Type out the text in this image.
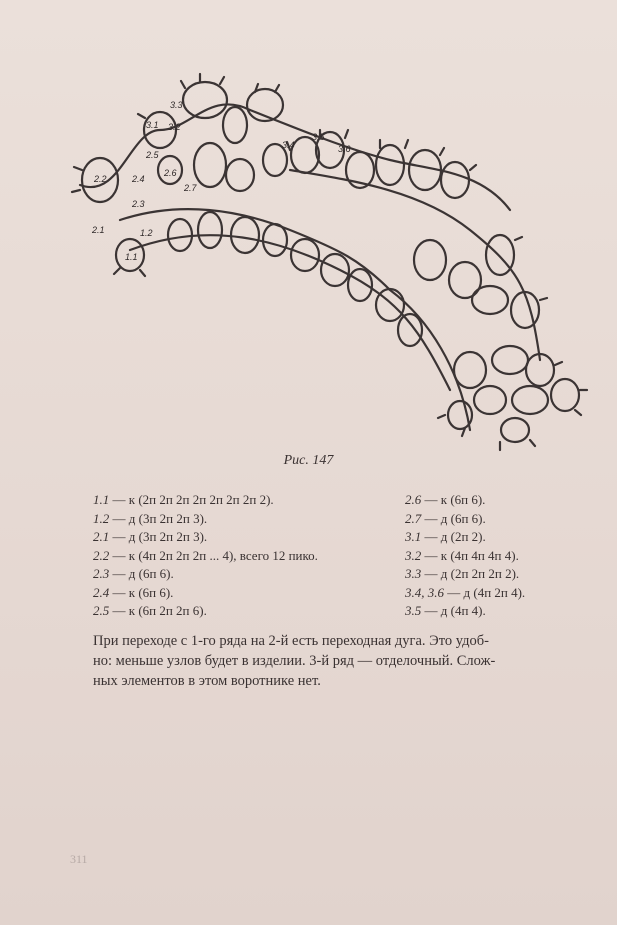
3.3
3.1 3.2
2.5
3.4
3.5
3.6
2.2	2.4
2.6
2.7
2.3
2.1	1.2
1.1
Рис. 147
1.1 — к (2п 2п 2п 2п 2п 2п 2п 2).
1.2 — д (3п 2п 2п 3).
2.1 — д (3п 2п 2п 3).
2.2 — к (4п 2п 2п 2п ... 4), всего 12 пико.
2.3 — д (6п 6).
2.4 — к (6п 6).
2.5 — к (6п 2п 2п 6).
2.6 — к (6п 6).
2.7 — д (6п 6).
3.1 — д (2п 2).
3.2 — к (4п 4п 4п 4).
3.3 — д (2п 2п 2п 2).
3.4, 3.6 — д (4п 2п 4).
3.5 — д (4п 4).

При переходе с 1-го ряда на 2-й есть переходная дуга. Это удоб-

но: меньше узлов будет в изделии. 3-й ряд — отделочный. Слож-

ных элементов в этом воротнике нет.

311
